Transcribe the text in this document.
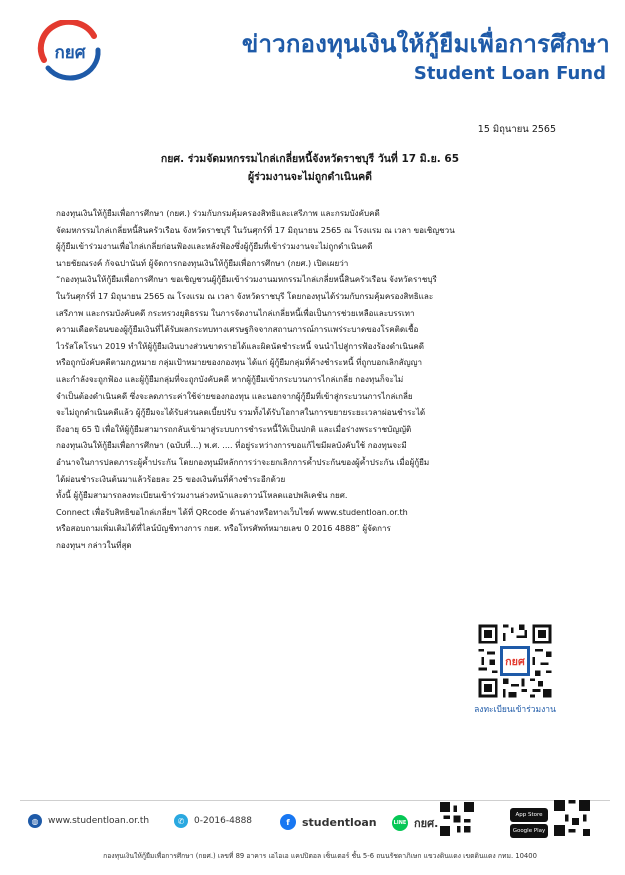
กยศ	ข่าวกองทุนเงินให้กู้ยืมเพื่อการศึกษา
Student Loan Fund
15 มิถุนายน 2565
กยศ. ร่วมจัดมหกรรมไกล่เกลี่ยหนี้จังหวัดราชบุรี วันที่ 17 มิ.ย. 65
ผู้ร่วมงานจะไม่ถูกดำเนินคดี
กองทุนเงินให้กู้ยืมเพื่อการศึกษา (กยศ.) ร่วมกับกรมคุ้มครองสิทธิและเสรีภาพ และกรมบังคับคดี
จัดมหกรรมไกล่เกลี่ยหนี้สินครัวเรือน จังหวัดราชบุรี ในวันศุกร์ที่ 17 มิถุนายน 2565 ณ โรงแรม ณ เวลา ขอเชิญชวน
ผู้กู้ยืมเข้าร่วมงานเพื่อไกล่เกลี่ยก่อนฟ้องและหลังฟ้องซึ่งผู้กู้ยืมที่เข้าร่วมงานจะไม่ถูกดำเนินคดี
นายชัยณรงค์ กัจฉปานันท์ ผู้จัดการกองทุนเงินให้กู้ยืมเพื่อการศึกษา (กยศ.) เปิดเผยว่า
“กองทุนเงินให้กู้ยืมเพื่อการศึกษา ขอเชิญชวนผู้กู้ยืมเข้าร่วมงานมหกรรมไกล่เกลี่ยหนี้สินครัวเรือน จังหวัดราชบุรี
ในวันศุกร์ที่ 17 มิถุนายน 2565 ณ โรงแรม ณ เวลา จังหวัดราชบุรี โดยกองทุนได้ร่วมกับกรมคุ้มครองสิทธิและ
เสรีภาพ และกรมบังคับคดี กระทรวงยุติธรรม ในการจัดงานไกล่เกลี่ยหนี้เพื่อเป็นการช่วยเหลือและบรรเทา
ความเดือดร้อนของผู้กู้ยืมเงินที่ได้รับผลกระทบทางเศรษฐกิจจากสถานการณ์การแพร่ระบาดของโรคติดเชื้อ
ไวรัสโคโรนา 2019 ทำให้ผู้กู้ยืมเงินบางส่วนขาดรายได้และผิดนัดชำระหนี้ จนนำไปสู่การฟ้องร้องดำเนินคดี
หรือถูกบังคับคดีตามกฎหมาย กลุ่มเป้าหมายของกองทุน ได้แก่ ผู้กู้ยืมกลุ่มที่ค้างชำระหนี้ ที่ถูกบอกเลิกสัญญา
และกำลังจะถูกฟ้อง และผู้กู้ยืมกลุ่มที่จะถูกบังคับคดี หากผู้กู้ยืมเข้ากระบวนการไกล่เกลี่ย กองทุนก็จะไม่
จำเป็นต้องดำเนินคดี ซึ่งจะลดภาระค่าใช้จ่ายของกองทุน และนอกจากผู้กู้ยืมที่เข้าสู่กระบวนการไกล่เกลี่ย
จะไม่ถูกดำเนินคดีแล้ว ผู้กู้ยืมจะได้รับส่วนลดเบี้ยปรับ รวมทั้งได้รับโอกาสในการขยายระยะเวลาผ่อนชำระได้
ถึงอายุ 65 ปี เพื่อให้ผู้กู้ยืมสามารถกลับเข้ามาสู่ระบบการชำระหนี้ให้เป็นปกติ และเมื่อร่างพระราชบัญญัติ
กองทุนเงินให้กู้ยืมเพื่อการศึกษา (ฉบับที่...) พ.ศ. .... ที่อยู่ระหว่างการขอแก้ไขมีผลบังคับใช้ กองทุนจะมี
อำนาจในการปลดภาระผู้ค้ำประกัน โดยกองทุนมีหลักการว่าจะยกเลิกการค้ำประกันของผู้ค้ำประกัน เมื่อผู้กู้ยืม
ได้ผ่อนชำระเงินต้นมาแล้วร้อยละ 25 ของเงินต้นที่ค้างชำระอีกด้วย
ทั้งนี้ ผู้กู้ยืมสามารถลงทะเบียนเข้าร่วมงานล่วงหน้าและดาวน์โหลดแอปพลิเคชัน กยศ.
Connect เพื่อรับสิทธิขอไกล่เกลี่ยฯ ได้ที่ QRcode ด้านล่างหรือทางเว็บไซต์ www.studentloan.or.th
หรือสอบถามเพิ่มเติมได้ที่ไลน์บัญชีทางการ กยศ. หรือโทรศัพท์หมายเลข 0 2016 4888” ผู้จัดการ
กองทุนฯ กล่าวในที่สุด
กยศ
ลงทะเบียนเข้าร่วมงาน
◍	www.studentloan.or.th	✆	0-2016-4888	f	studentloan	LINE กยศ.
App Store
Google Play
กองทุนเงินให้กู้ยืมเพื่อการศึกษา (กยศ.) เลขที่ 89 อาคาร เอไอเอ แคปปิตอล เซ็นเตอร์ ชั้น 5-6 ถนนรัชดาภิเษก แขวงดินแดง เขตดินแดง กทม. 10400
